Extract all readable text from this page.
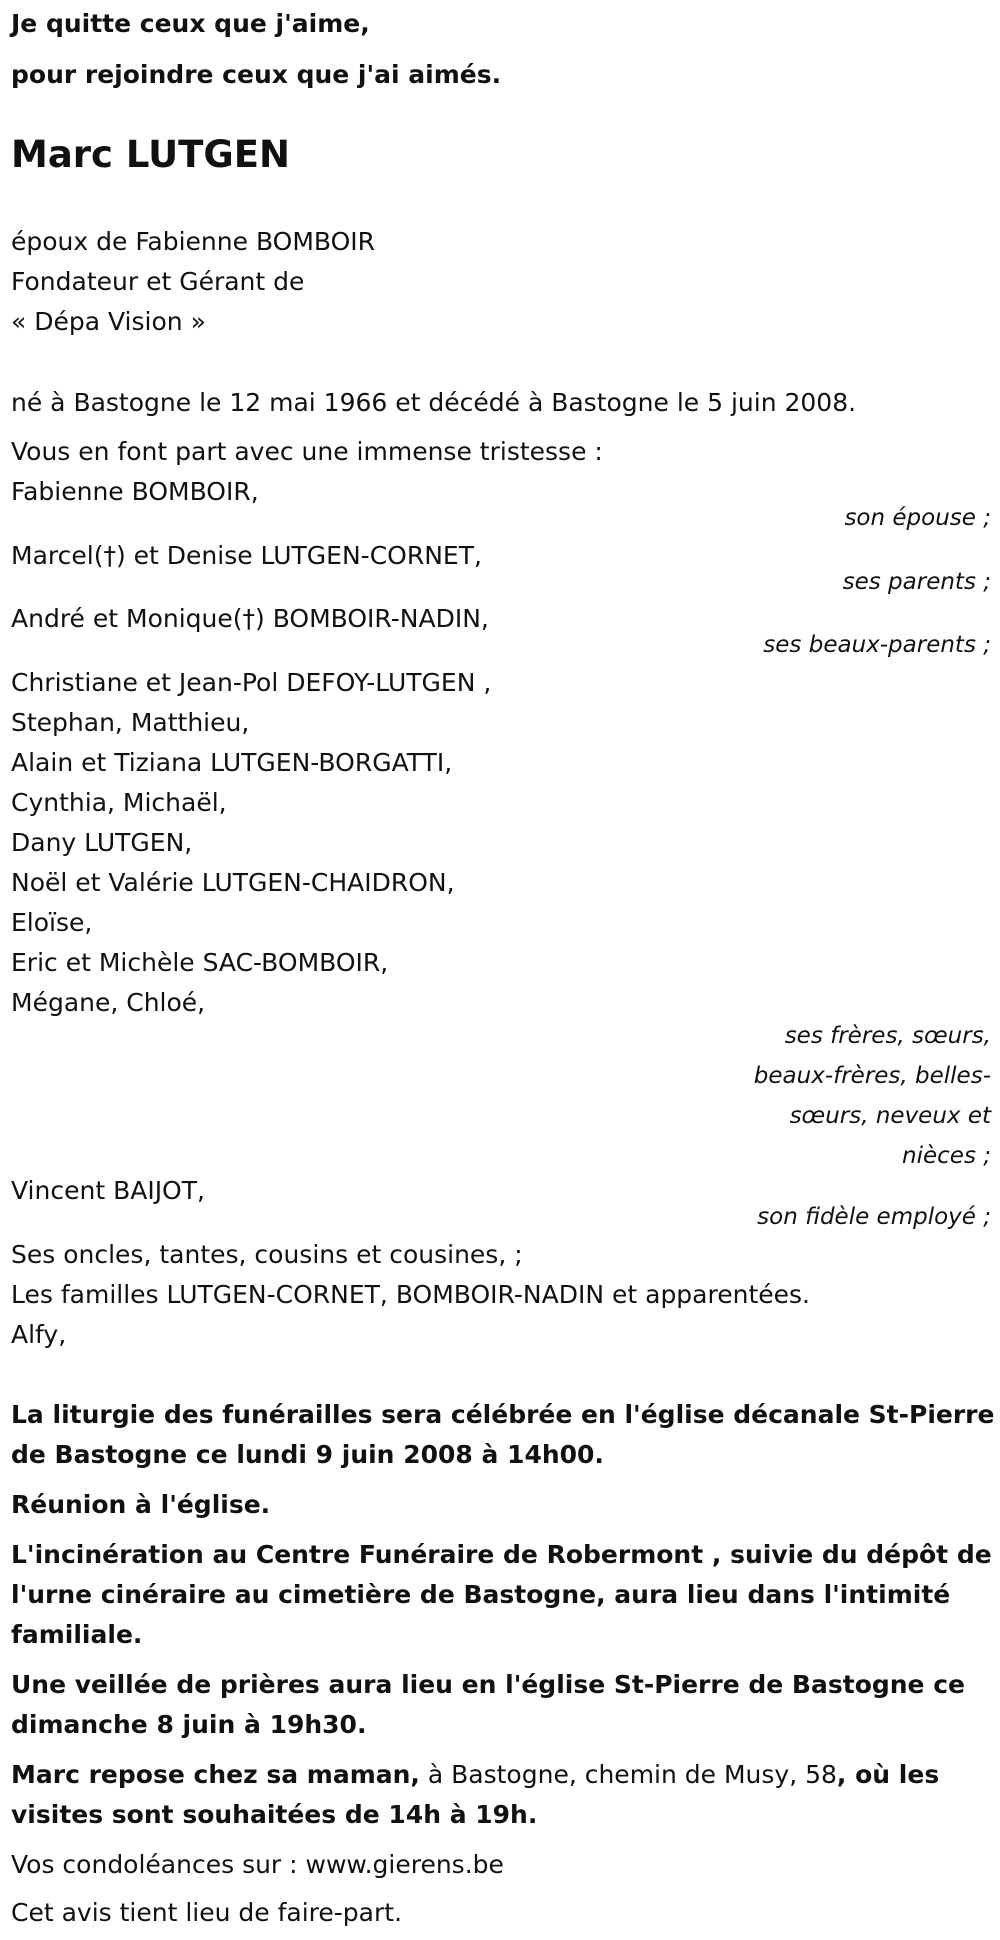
Je quitte ceux que j'aime,
pour rejoindre ceux que j'ai aimés.
Marc LUTGEN
époux de Fabienne BOMBOIR
Fondateur et Gérant de
« Dépa Vision »
né à Bastogne le 12 mai 1966 et décédé à Bastogne le 5 juin 2008.
Vous en font part avec une immense tristesse :
Fabienne BOMBOIR,
son épouse ;
Marcel(†) et Denise LUTGEN-CORNET,
ses parents ;
André et Monique(†) BOMBOIR-NADIN,
ses beaux-parents ;
Christiane et Jean-Pol DEFOY-LUTGEN ,
Stephan, Matthieu,
Alain et Tiziana LUTGEN-BORGATTI,
Cynthia, Michaël,
Dany LUTGEN,
Noël et Valérie LUTGEN-CHAIDRON,
Eloïse,
Eric et Michèle SAC-BOMBOIR,
Mégane, Chloé,
ses frères, sœurs, beaux-frères, belles-sœurs, neveux et nièces ;
Vincent BAIJOT,
son fidèle employé ;
Ses oncles, tantes, cousins et cousines, ;
Les familles LUTGEN-CORNET, BOMBOIR-NADIN et apparentées.
Alfy,
La liturgie des funérailles sera célébrée en l'église décanale St-Pierre
de Bastogne ce lundi 9 juin 2008 à 14h00.
Réunion à l'église.
L'incinération au Centre Funéraire de Robermont , suivie du dépôt de
l'urne cinéraire au cimetière de Bastogne, aura lieu dans l'intimité
familiale.
Une veillée de prières aura lieu en l'église St-Pierre de Bastogne ce
dimanche 8 juin à 19h30.
Marc repose chez sa maman, à Bastogne, chemin de Musy, 58, où les
visites sont souhaitées de 14h à 19h.
Vos condoléances sur : www.gierens.be
Cet avis tient lieu de faire-part.
